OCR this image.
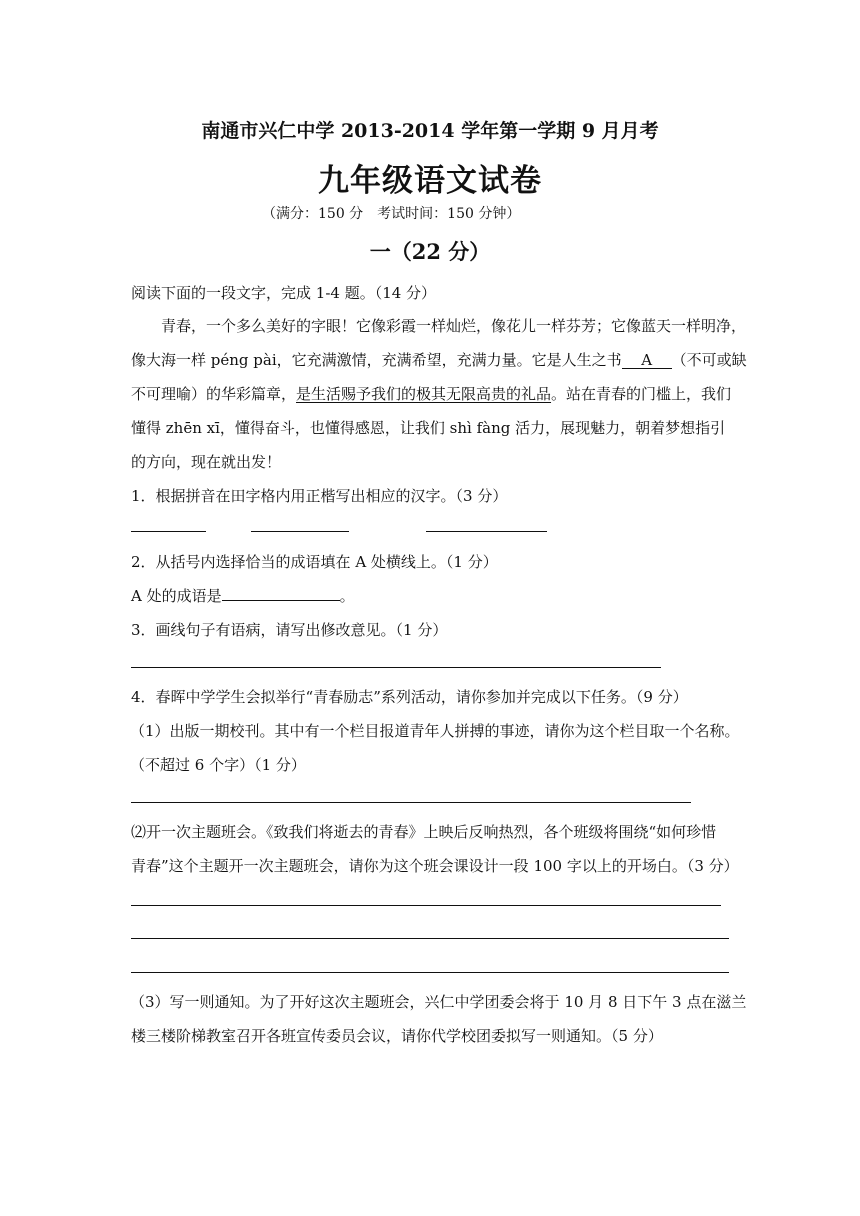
南通市兴仁中学 2013-2014 学年第一学期 9 月月考
九年级语文试卷
（满分：150 分　考试时间：150 分钟）
一（22 分）
阅读下面的一段文字，完成 1-4 题。（14 分）
　　青春，一个多么美好的字眼！它像彩霞一样灿烂，像花儿一样芬芳；它像蓝天一样明净，
像大海一样 péng pài，它充满激情，充满希望，充满力量。它是人生之书 A （不可或缺
不可理喻）的华彩篇章，是生活赐予我们的极其无限高贵的礼品。站在青春的门槛上，我们
懂得 zhēn xī，懂得奋斗，也懂得感恩，让我们 shì fàng 活力，展现魅力，朝着梦想指引
的方向，现在就出发！
1．根据拼音在田字格内用正楷写出相应的汉字。（3 分）
2．从括号内选择恰当的成语填在 A 处横线上。（1 分）
A 处的成语是	。
3．画线句子有语病，请写出修改意见。（1 分）
4．春晖中学学生会拟举行“青春励志”系列活动，请你参加并完成以下任务。（9 分）
（1）出版一期校刊。其中有一个栏目报道青年人拼搏的事迹，请你为这个栏目取一个名称。
（不超过 6 个字）（1 分）
⑵开一次主题班会。《致我们将逝去的青春》上映后反响热烈，各个班级将围绕“如何珍惜
青春”这个主题开一次主题班会，请你为这个班会课设计一段 100 字以上的开场白。（3 分）
（3）写一则通知。为了开好这次主题班会，兴仁中学团委会将于 10 月 8 日下午 3 点在滋兰
楼三楼阶梯教室召开各班宣传委员会议，请你代学校团委拟写一则通知。（5 分）
